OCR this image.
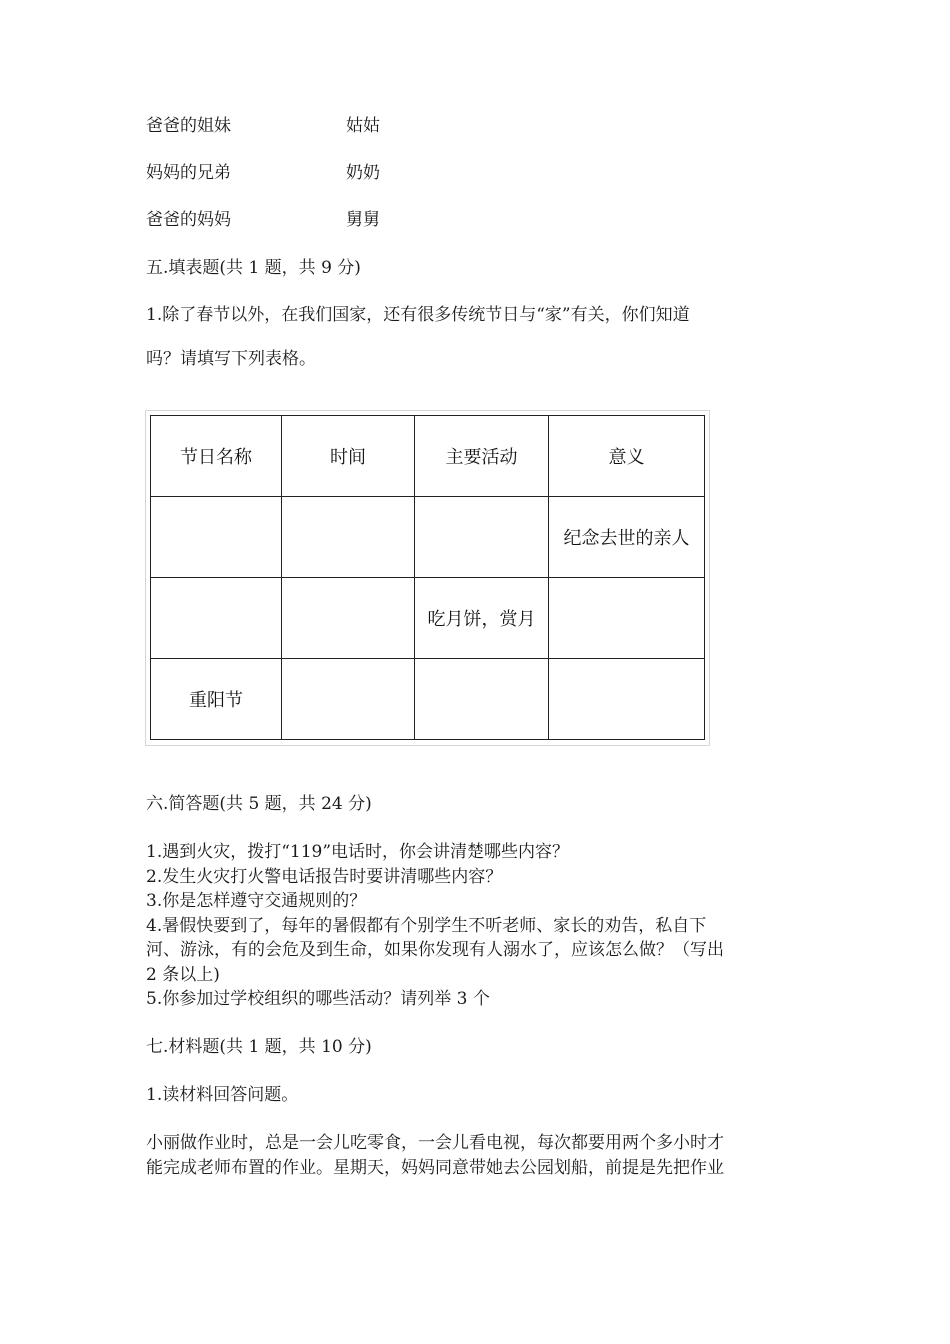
爸爸的姐妹	姑姑
妈妈的兄弟	奶奶
爸爸的妈妈	舅舅
五.填表题(共 1 题，共 9 分)
1.除了春节以外，在我们国家，还有很多传统节日与“家”有关，你们知道
吗？请填写下列表格。
节日名称	时间	主要活动	意义
			纪念去世的亲人
		吃月饼，赏月	
重阳节			
六.简答题(共 5 题，共 24 分)
1.遇到火灾，拨打“119”电话时，你会讲清楚哪些内容？
2.发生火灾打火警电话报告时要讲清哪些内容？
3.你是怎样遵守交通规则的？
4.暑假快要到了，每年的暑假都有个别学生不听老师、家长的劝告，私自下
河、游泳，有的会危及到生命，如果你发现有人溺水了，应该怎么做？（写出
2 条以上)
5.你参加过学校组织的哪些活动？请列举 3 个
七.材料题(共 1 题，共 10 分)
1.读材料回答问题。
小丽做作业时，总是一会儿吃零食，一会儿看电视，每次都要用两个多小时才
能完成老师布置的作业。星期天，妈妈同意带她去公园划船，前提是先把作业
